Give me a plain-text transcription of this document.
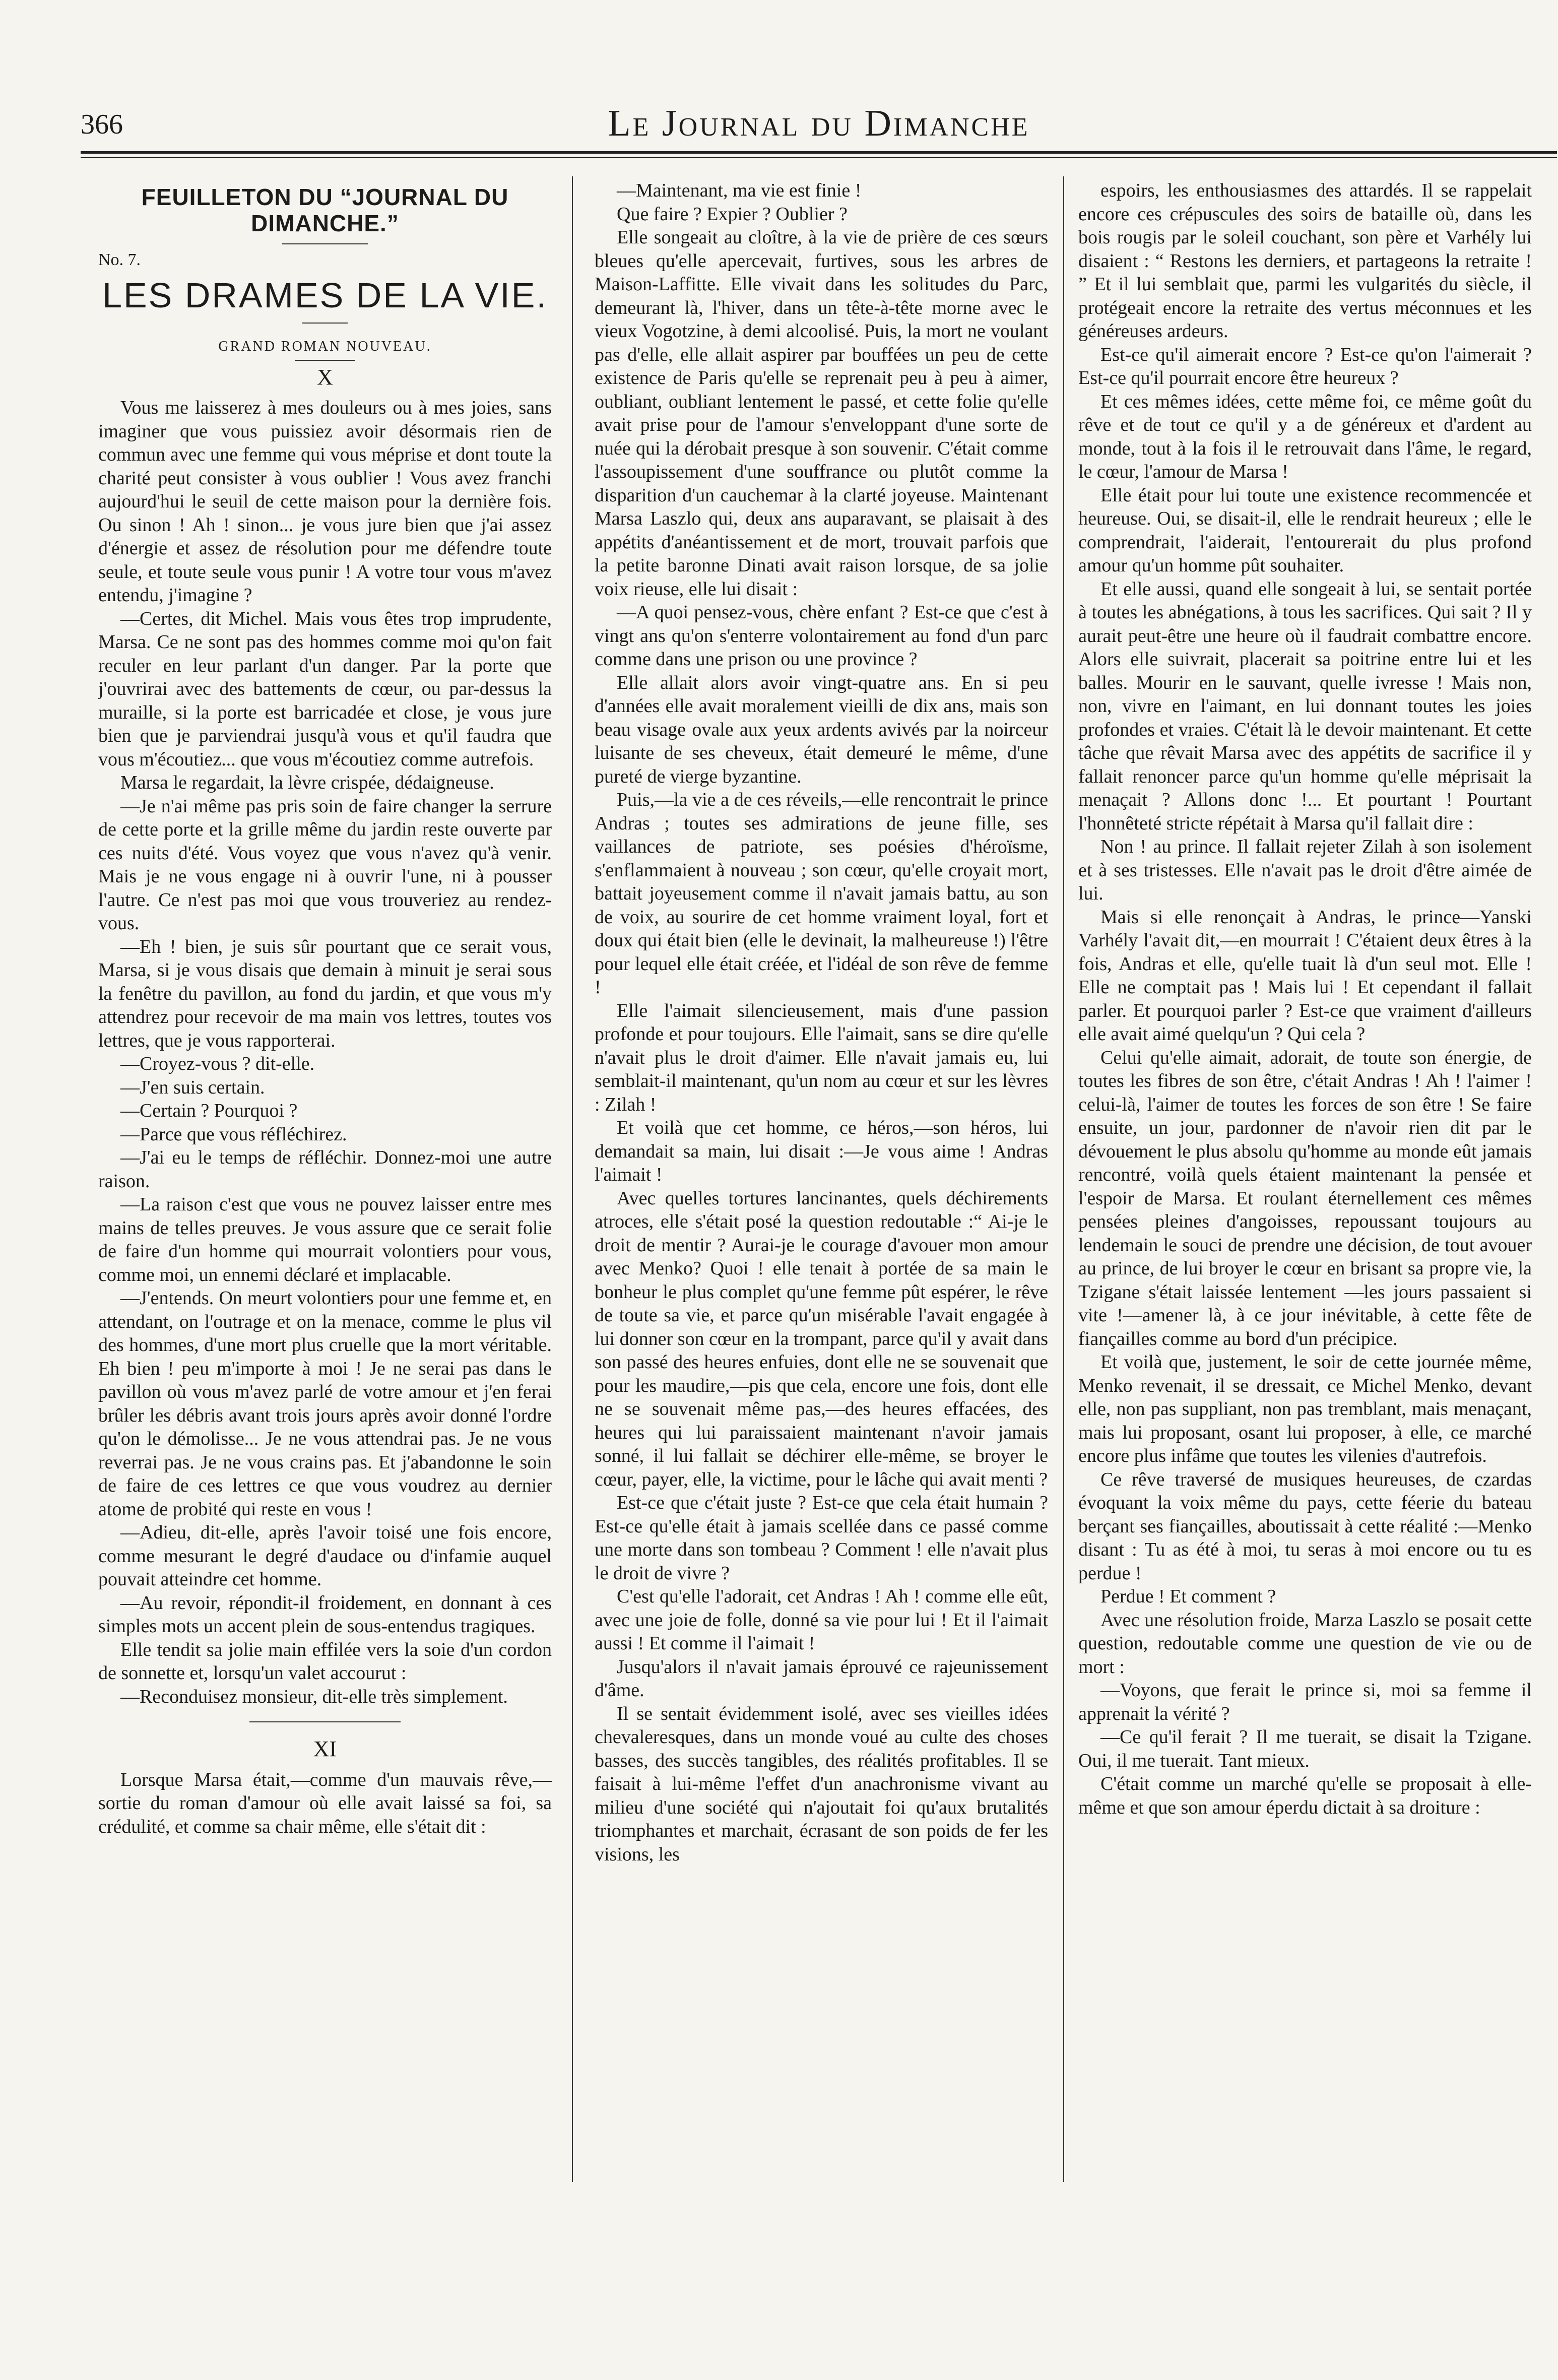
366	Le Journal du Dimanche
FEUILLETON DU “JOURNAL DU DIMANCHE.”

No. 7.

LES DRAMES DE LA VIE.
GRAND ROMAN NOUVEAU.

X

Vous me laisserez à mes douleurs ou à mes joies, sans imaginer que vous puissiez avoir désormais rien de commun avec une femme qui vous méprise et dont toute la charité peut consister à vous oublier ! Vous avez franchi aujourd'hui le seuil de cette maison pour la dernière fois. Ou sinon ! Ah ! sinon... je vous jure bien que j'ai assez d'énergie et assez de résolution pour me défendre toute seule, et toute seule vous punir ! A votre tour vous m'avez entendu, j'imagine ?

—Certes, dit Michel. Mais vous êtes trop imprudente, Marsa. Ce ne sont pas des hommes comme moi qu'on fait reculer en leur parlant d'un danger. Par la porte que j'ouvrirai avec des battements de cœur, ou par-dessus la muraille, si la porte est barricadée et close, je vous jure bien que je parviendrai jusqu'à vous et qu'il faudra que vous m'écoutiez... que vous m'écoutiez comme autrefois.

Marsa le regardait, la lèvre crispée, dédaigneuse.

—Je n'ai même pas pris soin de faire changer la serrure de cette porte et la grille même du jardin reste ouverte par ces nuits d'été. Vous voyez que vous n'avez qu'à venir. Mais je ne vous engage ni à ouvrir l'une, ni à pousser l'autre. Ce n'est pas moi que vous trouveriez au rendez-vous.

—Eh ! bien, je suis sûr pourtant que ce serait vous, Marsa, si je vous disais que demain à minuit je serai sous la fenêtre du pavillon, au fond du jardin, et que vous m'y attendrez pour recevoir de ma main vos lettres, toutes vos lettres, que je vous rapporterai.

—Croyez-vous ? dit-elle.

—J'en suis certain.

—Certain ? Pourquoi ?

—Parce que vous réfléchirez.

—J'ai eu le temps de réfléchir. Donnez-moi une autre raison.

—La raison c'est que vous ne pouvez laisser entre mes mains de telles preuves. Je vous assure que ce serait folie de faire d'un homme qui mourrait volontiers pour vous, comme moi, un ennemi déclaré et implacable.

—J'entends. On meurt volontiers pour une femme et, en attendant, on l'outrage et on la menace, comme le plus vil des hommes, d'une mort plus cruelle que la mort véritable. Eh bien ! peu m'importe à moi ! Je ne serai pas dans le pavillon où vous m'avez parlé de votre amour et j'en ferai brûler les débris avant trois jours après avoir donné l'ordre qu'on le démolisse... Je ne vous attendrai pas. Je ne vous reverrai pas. Je ne vous crains pas. Et j'abandonne le soin de faire de ces lettres ce que vous voudrez au dernier atome de probité qui reste en vous !

—Adieu, dit-elle, après l'avoir toisé une fois encore, comme mesurant le degré d'audace ou d'infamie auquel pouvait atteindre cet homme.

—Au revoir, répondit-il froidement, en donnant à ces simples mots un accent plein de sous-entendus tragiques.

Elle tendit sa jolie main effilée vers la soie d'un cordon de sonnette et, lorsqu'un valet accourut :

—Reconduisez monsieur, dit-elle très simplement.

XI

Lorsque Marsa était,—comme d'un mauvais rêve,—sortie du roman d'amour où elle avait laissé sa foi, sa crédulité, et comme sa chair même, elle s'était dit :

—Maintenant, ma vie est finie !

Que faire ? Expier ? Oublier ?

Elle songeait au cloître, à la vie de prière de ces sœurs bleues qu'elle apercevait, furtives, sous les arbres de Maison-Laffitte. Elle vivait dans les solitudes du Parc, demeurant là, l'hiver, dans un tête-à-tête morne avec le vieux Vogotzine, à demi alcoolisé. Puis, la mort ne voulant pas d'elle, elle allait aspirer par bouffées un peu de cette existence de Paris qu'elle se reprenait peu à peu à aimer, oubliant, oubliant lentement le passé, et cette folie qu'elle avait prise pour de l'amour s'enveloppant d'une sorte de nuée qui la dérobait presque à son souvenir. C'était comme l'assoupissement d'une souffrance ou plutôt comme la disparition d'un cauchemar à la clarté joyeuse. Maintenant Marsa Laszlo qui, deux ans auparavant, se plaisait à des appétits d'anéantissement et de mort, trouvait parfois que la petite baronne Dinati avait raison lorsque, de sa jolie voix rieuse, elle lui disait :

—A quoi pensez-vous, chère enfant ? Est-ce que c'est à vingt ans qu'on s'enterre volontairement au fond d'un parc comme dans une prison ou une province ?

Elle allait alors avoir vingt-quatre ans. En si peu d'années elle avait moralement vieilli de dix ans, mais son beau visage ovale aux yeux ardents avivés par la noirceur luisante de ses cheveux, était demeuré le même, d'une pureté de vierge byzantine.

Puis,—la vie a de ces réveils,—elle rencontrait le prince Andras ; toutes ses admirations de jeune fille, ses vaillances de patriote, ses poésies d'héroïsme, s'enflammaient à nouveau ; son cœur, qu'elle croyait mort, battait joyeusement comme il n'avait jamais battu, au son de voix, au sourire de cet homme vraiment loyal, fort et doux qui était bien (elle le devinait, la malheureuse !) l'être pour lequel elle était créée, et l'idéal de son rêve de femme !

Elle l'aimait silencieusement, mais d'une passion profonde et pour toujours. Elle l'aimait, sans se dire qu'elle n'avait plus le droit d'aimer. Elle n'avait jamais eu, lui semblait-il maintenant, qu'un nom au cœur et sur les lèvres : Zilah !

Et voilà que cet homme, ce héros,—son héros, lui demandait sa main, lui disait :—Je vous aime ! Andras l'aimait !

Avec quelles tortures lancinantes, quels déchirements atroces, elle s'était posé la question redoutable :“ Ai-je le droit de mentir ? Aurai-je le courage d'avouer mon amour avec Menko? Quoi ! elle tenait à portée de sa main le bonheur le plus complet qu'une femme pût espérer, le rêve de toute sa vie, et parce qu'un misérable l'avait engagée à lui donner son cœur en la trompant, parce qu'il y avait dans son passé des heures enfuies, dont elle ne se souvenait que pour les maudire,—pis que cela, encore une fois, dont elle ne se souvenait même pas,—des heures effacées, des heures qui lui paraissaient maintenant n'avoir jamais sonné, il lui fallait se déchirer elle-même, se broyer le cœur, payer, elle, la victime, pour le lâche qui avait menti ?

Est-ce que c'était juste ? Est-ce que cela était humain ? Est-ce qu'elle était à jamais scellée dans ce passé comme une morte dans son tombeau ? Comment ! elle n'avait plus le droit de vivre ?

C'est qu'elle l'adorait, cet Andras ! Ah ! comme elle eût, avec une joie de folle, donné sa vie pour lui ! Et il l'aimait aussi ! Et comme il l'aimait !

Jusqu'alors il n'avait jamais éprouvé ce rajeunissement d'âme.

Il se sentait évidemment isolé, avec ses vieilles idées chevaleresques, dans un monde voué au culte des choses basses, des succès tangibles, des réalités profitables. Il se faisait à lui-même l'effet d'un anachronisme vivant au milieu d'une société qui n'ajoutait foi qu'aux brutalités triomphantes et marchait, écrasant de son poids de fer les visions, les

espoirs, les enthousiasmes des attardés. Il se rappelait encore ces crépuscules des soirs de bataille où, dans les bois rougis par le soleil couchant, son père et Varhély lui disaient : “ Restons les derniers, et partageons la retraite ! ” Et il lui semblait que, parmi les vulgarités du siècle, il protégeait encore la retraite des vertus méconnues et les généreuses ardeurs.

Est-ce qu'il aimerait encore ? Est-ce qu'on l'aimerait ? Est-ce qu'il pourrait encore être heureux ?

Et ces mêmes idées, cette même foi, ce même goût du rêve et de tout ce qu'il y a de généreux et d'ardent au monde, tout à la fois il le retrouvait dans l'âme, le regard, le cœur, l'amour de Marsa !

Elle était pour lui toute une existence recommencée et heureuse. Oui, se disait-il, elle le rendrait heureux ; elle le comprendrait, l'aiderait, l'entourerait du plus profond amour qu'un homme pût souhaiter.

Et elle aussi, quand elle songeait à lui, se sentait portée à toutes les abnégations, à tous les sacrifices. Qui sait ? Il y aurait peut-être une heure où il faudrait combattre encore. Alors elle suivrait, placerait sa poitrine entre lui et les balles. Mourir en le sauvant, quelle ivresse ! Mais non, non, vivre en l'aimant, en lui donnant toutes les joies profondes et vraies. C'était là le devoir maintenant. Et cette tâche que rêvait Marsa avec des appétits de sacrifice il y fallait renoncer parce qu'un homme qu'elle méprisait la menaçait ? Allons donc !... Et pourtant ! Pourtant l'honnêteté stricte répétait à Marsa qu'il fallait dire :

Non ! au prince. Il fallait rejeter Zilah à son isolement et à ses tristesses. Elle n'avait pas le droit d'être aimée de lui.

Mais si elle renonçait à Andras, le prince—Yanski Varhély l'avait dit,—en mourrait ! C'étaient deux êtres à la fois, Andras et elle, qu'elle tuait là d'un seul mot. Elle ! Elle ne comptait pas ! Mais lui ! Et cependant il fallait parler. Et pourquoi parler ? Est-ce que vraiment d'ailleurs elle avait aimé quelqu'un ? Qui cela ?

Celui qu'elle aimait, adorait, de toute son énergie, de toutes les fibres de son être, c'était Andras ! Ah ! l'aimer ! celui-là, l'aimer de toutes les forces de son être ! Se faire ensuite, un jour, pardonner de n'avoir rien dit par le dévouement le plus absolu qu'homme au monde eût jamais rencontré, voilà quels étaient maintenant la pensée et l'espoir de Marsa. Et roulant éternellement ces mêmes pensées pleines d'angoisses, repoussant toujours au lendemain le souci de prendre une décision, de tout avouer au prince, de lui broyer le cœur en brisant sa propre vie, la Tzigane s'était laissée lentement —les jours passaient si vite !—amener là, à ce jour inévitable, à cette fête de fiançailles comme au bord d'un précipice.

Et voilà que, justement, le soir de cette journée même, Menko revenait, il se dressait, ce Michel Menko, devant elle, non pas suppliant, non pas tremblant, mais menaçant, mais lui proposant, osant lui proposer, à elle, ce marché encore plus infâme que toutes les vilenies d'autrefois.

Ce rêve traversé de musiques heureuses, de czardas évoquant la voix même du pays, cette féerie du bateau berçant ses fiançailles, aboutissait à cette réalité :—Menko disant : Tu as été à moi, tu seras à moi encore ou tu es perdue !

Perdue ! Et comment ?

Avec une résolution froide, Marza Laszlo se posait cette question, redoutable comme une question de vie ou de mort :

—Voyons, que ferait le prince si, moi sa femme il apprenait la vérité ?

—Ce qu'il ferait ? Il me tuerait, se disait la Tzigane. Oui, il me tuerait. Tant mieux.

C'était comme un marché qu'elle se proposait à elle-même et que son amour éperdu dictait à sa droiture :
